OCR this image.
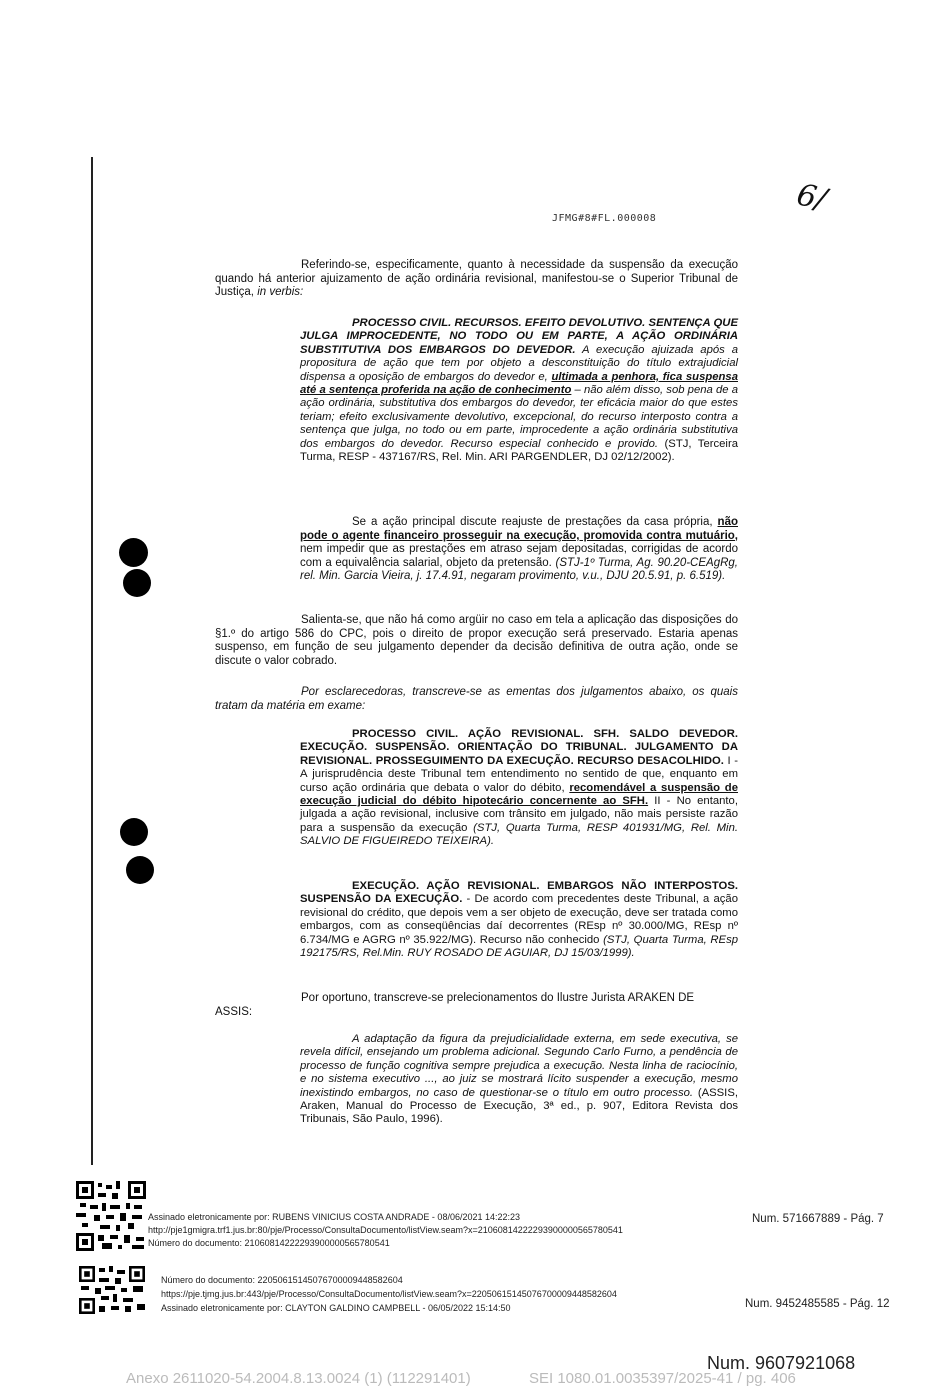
JFMG#8#FL.000008
6/
Referindo-se, especificamente, quanto à necessidade da suspensão da execução quando há anterior ajuizamento de ação ordinária revisional, manifestou-se o Superior Tribunal de Justiça, in verbis:
PROCESSO CIVIL. RECURSOS. EFEITO DEVOLUTIVO. SENTENÇA QUE JULGA IMPROCEDENTE, NO TODO OU EM PARTE, A AÇÃO ORDINÁRIA SUBSTITUTIVA DOS EMBARGOS DO DEVEDOR. A execução ajuizada após a propositura de ação que tem por objeto a desconstituição do título extrajudicial dispensa a oposição de embargos do devedor e, ultimada a penhora, fica suspensa até a sentença proferida na ação de conhecimento – não além disso, sob pena de a ação ordinária, substitutiva dos embargos do devedor, ter eficácia maior do que estes teriam; efeito exclusivamente devolutivo, excepcional, do recurso interposto contra a sentença que julga, no todo ou em parte, improcedente a ação ordinária substitutiva dos embargos do devedor. Recurso especial conhecido e provido. (STJ, Terceira Turma, RESP - 437167/RS, Rel. Min. ARI PARGENDLER, DJ 02/12/2002).
Se a ação principal discute reajuste de prestações da casa própria, não pode o agente financeiro prosseguir na execução, promovida contra mutuário, nem impedir que as prestações em atraso sejam depositadas, corrigidas de acordo com a equivalência salarial, objeto da pretensão. (STJ-1º Turma, Ag. 90.20-CEAgRg, rel. Min. Garcia Vieira, j. 17.4.91, negaram provimento, v.u., DJU 20.5.91, p. 6.519).
Salienta-se, que não há como argüir no caso em tela a aplicação das disposições do §1.º do artigo 586 do CPC, pois o direito de propor execução será preservado. Estaria apenas suspenso, em função de seu julgamento depender da decisão definitiva de outra ação, onde se discute o valor cobrado.
Por esclarecedoras, transcreve-se as ementas dos julgamentos abaixo, os quais tratam da matéria em exame:
PROCESSO CIVIL. AÇÃO REVISIONAL. SFH. SALDO DEVEDOR. EXECUÇÃO. SUSPENSÃO. ORIENTAÇÃO DO TRIBUNAL. JULGAMENTO DA REVISIONAL. PROSSEGUIMENTO DA EXECUÇÃO. RECURSO DESACOLHIDO. I - A jurisprudência deste Tribunal tem entendimento no sentido de que, enquanto em curso ação ordinária que debata o valor do débito, recomendável a suspensão de execução judicial do débito hipotecário concernente ao SFH. II - No entanto, julgada a ação revisional, inclusive com trânsito em julgado, não mais persiste razão para a suspensão da execução (STJ, Quarta Turma, RESP 401931/MG, Rel. Min. SALVIO DE FIGUEIREDO TEIXEIRA).
EXECUÇÃO. AÇÃO REVISIONAL. EMBARGOS NÃO INTERPOSTOS. SUSPENSÃO DA EXECUÇÃO. - De acordo com precedentes deste Tribunal, a ação revisional do crédito, que depois vem a ser objeto de execução, deve ser tratada como embargos, com as conseqüências daí decorrentes (REsp nº 30.000/MG, REsp nº 6.734/MG e AGRG nº 35.922/MG). Recurso não conhecido (STJ, Quarta Turma, REsp 192175/RS, Rel.Min. RUY ROSADO DE AGUIAR, DJ 15/03/1999).
Por oportuno, transcreve-se prelecionamentos do Ilustre Jurista ARAKEN DE
ASSIS:
A adaptação da figura da prejudicialidade externa, em sede executiva, se revela difícil, ensejando um problema adicional. Segundo Carlo Furno, a pendência de processo de função cognitiva sempre prejudica a execução. Nesta linha de raciocínio, e no sistema executivo ..., ao juiz se mostrará lícito suspender a execução, mesmo inexistindo embargos, no caso de questionar-se o título em outro processo. (ASSIS, Araken, Manual do Processo de Execução, 3ª ed., p. 907, Editora Revista dos Tribunais, São Paulo, 1996).
Assinado eletronicamente por: RUBENS VINICIUS COSTA ANDRADE - 08/06/2021 14:22:23
http://pje1gmigra.trf1.jus.br:80/pje/Processo/ConsultaDocumento/listView.seam?x=21060814222293900000565780541
Número do documento: 21060814222293900000565780541
Num. 571667889 - Pág. 7
Número do documento: 22050615145076700009448582604
https://pje.tjmg.jus.br:443/pje/Processo/ConsultaDocumento/listView.seam?x=22050615145076700009448582604
Assinado eletronicamente por: CLAYTON GALDINO CAMPBELL - 06/05/2022 15:14:50	Num. 9452485585 - Pág. 12
Num. 9607921068
Anexo 2611020-54.2004.8.13.0024 (1) (112291401)	SEI 1080.01.0035397/2025-41 / pg. 406
